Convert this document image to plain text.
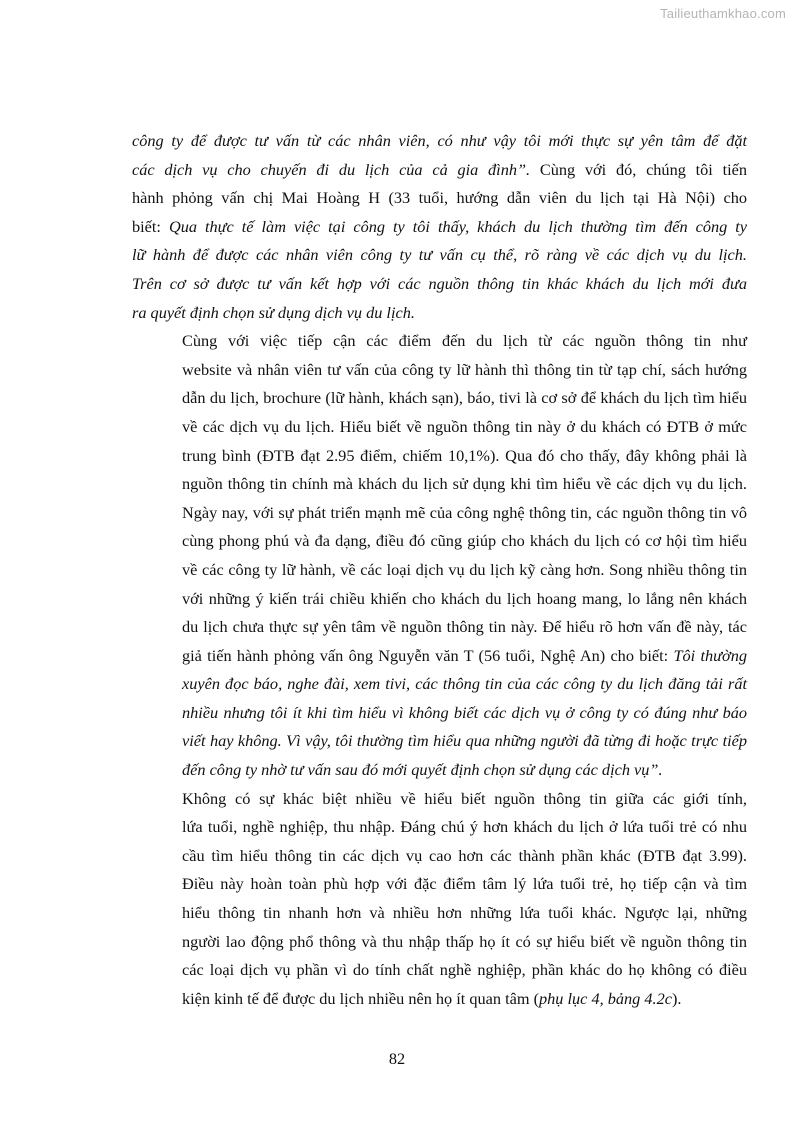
Tailieuthamkhao.com

công ty để được tư vấn từ các nhân viên, có như vậy tôi mới thực sự yên tâm để đặt
các dịch vụ cho chuyến đi du lịch của cả gia đình”. Cùng với đó, chúng tôi tiến
hành phỏng vấn chị Mai Hoàng H (33 tuổi, hướng dẫn viên du lịch tại Hà Nội) cho
biết: Qua thực tế làm việc tại công ty tôi thấy, khách du lịch thường tìm đến công ty
lữ hành để được các nhân viên công ty tư vấn cụ thể, rõ ràng về các dịch vụ du lịch.
Trên cơ sở được tư vấn kết hợp với các nguồn thông tin khác khách du lịch mới đưa
ra quyết định chọn sử dụng dịch vụ du lịch.

Cùng với việc tiếp cận các điểm đến du lịch từ các nguồn thông tin như
website và nhân viên tư vấn của công ty lữ hành thì thông tin từ tạp chí, sách hướng
dẫn du lịch, brochure (lữ hành, khách sạn), báo, tivi là cơ sở để khách du lịch tìm hiểu
về các dịch vụ du lịch. Hiểu biết về nguồn thông tin này ở du khách có ĐTB ở mức
trung bình (ĐTB đạt 2.95 điểm, chiếm 10,1%). Qua đó cho thấy, đây không phải là
nguồn thông tin chính mà khách du lịch sử dụng khi tìm hiểu về các dịch vụ du lịch.
Ngày nay, với sự phát triển mạnh mẽ của công nghệ thông tin, các nguồn thông tin vô
cùng phong phú và đa dạng, điều đó cũng giúp cho khách du lịch có cơ hội tìm hiểu
về các công ty lữ hành, về các loại dịch vụ du lịch kỹ càng hơn. Song nhiều thông tin
với những ý kiến trái chiều khiến cho khách du lịch hoang mang, lo lắng nên khách
du lịch chưa thực sự yên tâm về nguồn thông tin này. Để hiểu rõ hơn vấn đề này, tác
giả tiến hành phỏng vấn ông Nguyễn văn T (56 tuổi, Nghệ An) cho biết: Tôi thường
xuyên đọc báo, nghe đài, xem tivi, các thông tin của các công ty du lịch đăng tải rất
nhiều nhưng tôi ít khi tìm hiểu vì không biết các dịch vụ ở công ty có đúng như báo
viết hay không. Vì vậy, tôi thường tìm hiểu qua những người đã từng đi hoặc trực tiếp
đến công ty nhờ tư vấn sau đó mới quyết định chọn sử dụng các dịch vụ”.

Không có sự khác biệt nhiều về hiểu biết nguồn thông tin giữa các giới tính,
lứa tuổi, nghề nghiệp, thu nhập. Đáng chú ý hơn khách du lịch ở lứa tuổi trẻ có nhu
cầu tìm hiểu thông tin các dịch vụ cao hơn các thành phần khác (ĐTB đạt 3.99).
Điều này hoàn toàn phù hợp với đặc điểm tâm lý lứa tuổi trẻ, họ tiếp cận và tìm
hiểu thông tin nhanh hơn và nhiều hơn những lứa tuổi khác. Ngược lại, những
người lao động phổ thông và thu nhập thấp họ ít có sự hiểu biết về nguồn thông tin
các loại dịch vụ phần vì do tính chất nghề nghiệp, phần khác do họ không có điều
kiện kinh tế để được du lịch nhiều nên họ ít quan tâm (phụ lục 4, bảng 4.2c).

82
